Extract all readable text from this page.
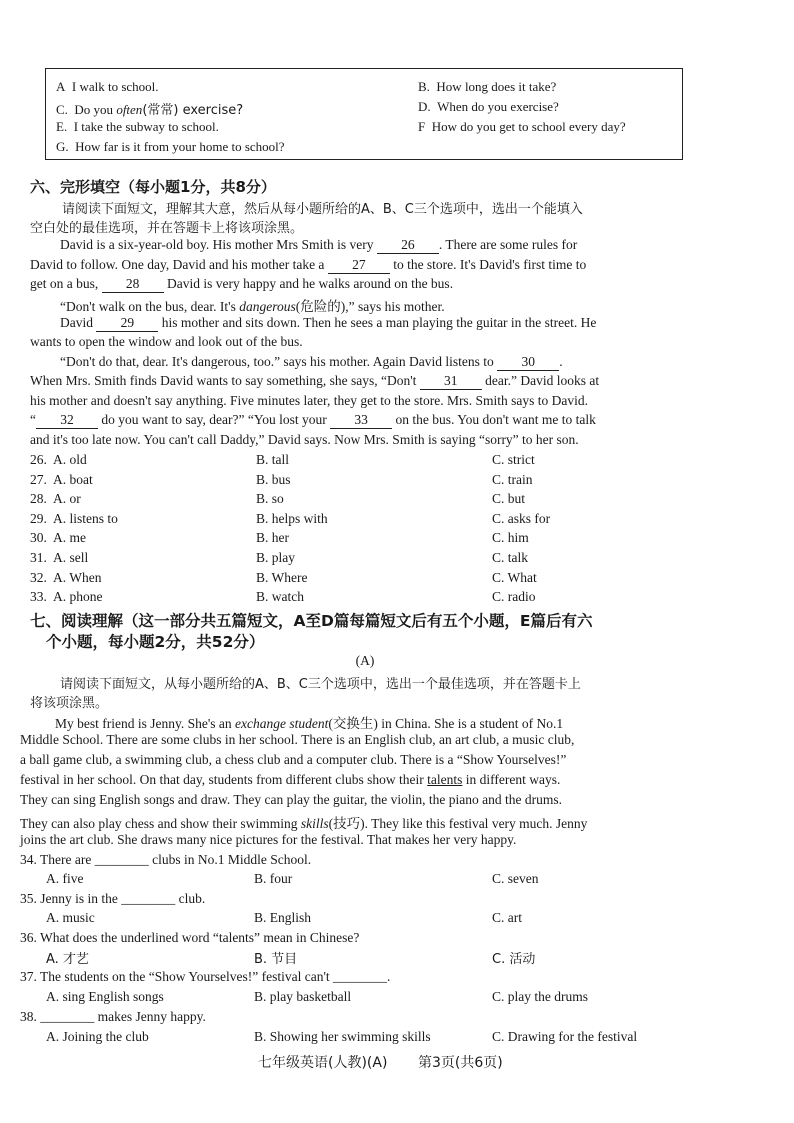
A I walk to school.	B. How long does it take?
C. Do you often(常常) exercise?	D. When do you exercise?
E. I take the subway to school.	F How do you get to school every day?
G. How far is it from your home to school?
六、完形填空（每小题1分，共8分）
请阅读下面短文，理解其大意，然后从每小题所给的A、B、C三个选项中，选出一个能填入
空白处的最佳选项，并在答题卡上将该项涂黑。
David is a six-year-old boy. His mother Mrs Smith is very 26 . There are some rules for
David to follow. One day, David and his mother take a 27 to the store. It's David's first time to
get on a bus, 28 David is very happy and he walks around on the bus.
“Don't walk on the bus, dear. It's dangerous(危险的),” says his mother.
David 29 his mother and sits down. Then he sees a man playing the guitar in the street. He
wants to open the window and look out of the bus.
“Don't do that, dear. It's dangerous, too.” says his mother. Again David listens to 30 .
When Mrs. Smith finds David wants to say something, she says, “Don't 31 dear.” David looks at
his mother and doesn't say anything. Five minutes later, they get to the store. Mrs. Smith says to David.
“ 32 do you want to say, dear?” “You lost your 33 on the bus. You don't want me to talk
and it's too late now. You can't call Daddy,” David says. Now Mrs. Smith is saying “sorry” to her son.
26. A. old	B. tall	C. strict
27. A. boat	B. bus	C. train
28. A. or	B. so	C. but
29. A. listens to	B. helps with	C. asks for
30. A. me	B. her	C. him
31. A. sell	B. play	C. talk
32. A. When	B. Where	C. What
33. A. phone	B. watch	C. radio
七、阅读理解（这一部分共五篇短文，A至D篇每篇短文后有五个小题，E篇后有六
个小题，每小题2分，共52分）
(A)
请阅读下面短文，从每小题所给的A、B、C三个选项中，选出一个最佳选项，并在答题卡上
将该项涂黑。
My best friend is Jenny. She's an exchange student(交换生) in China. She is a student of No.1
Middle School. There are some clubs in her school. There is an English club, an art club, a music club,
a ball game club, a swimming club, a chess club and a computer club. There is a “Show Yourselves!”
festival in her school. On that day, students from different clubs show their talents in different ways.
They can sing English songs and draw. They can play the guitar, the violin, the piano and the drums.
They can also play chess and show their swimming skills(技巧). They like this festival very much. Jenny
joins the art club. She draws many nice pictures for the festival. That makes her very happy.
34. There are ________ clubs in No.1 Middle School.
A. five	B. four	C. seven
35. Jenny is in the ________ club.
A. music	B. English	C. art
36. What does the underlined word “talents” mean in Chinese?
A. 才艺	B. 节目	C. 活动
37. The students on the “Show Yourselves!” festival can't ________.
A. sing English songs	B. play basketball	C. play the drums
38. ________ makes Jenny happy.
A. Joining the club	B. Showing her swimming skills	C. Drawing for the festival
七年级英语(人教)(A) 第3页(共6页)
